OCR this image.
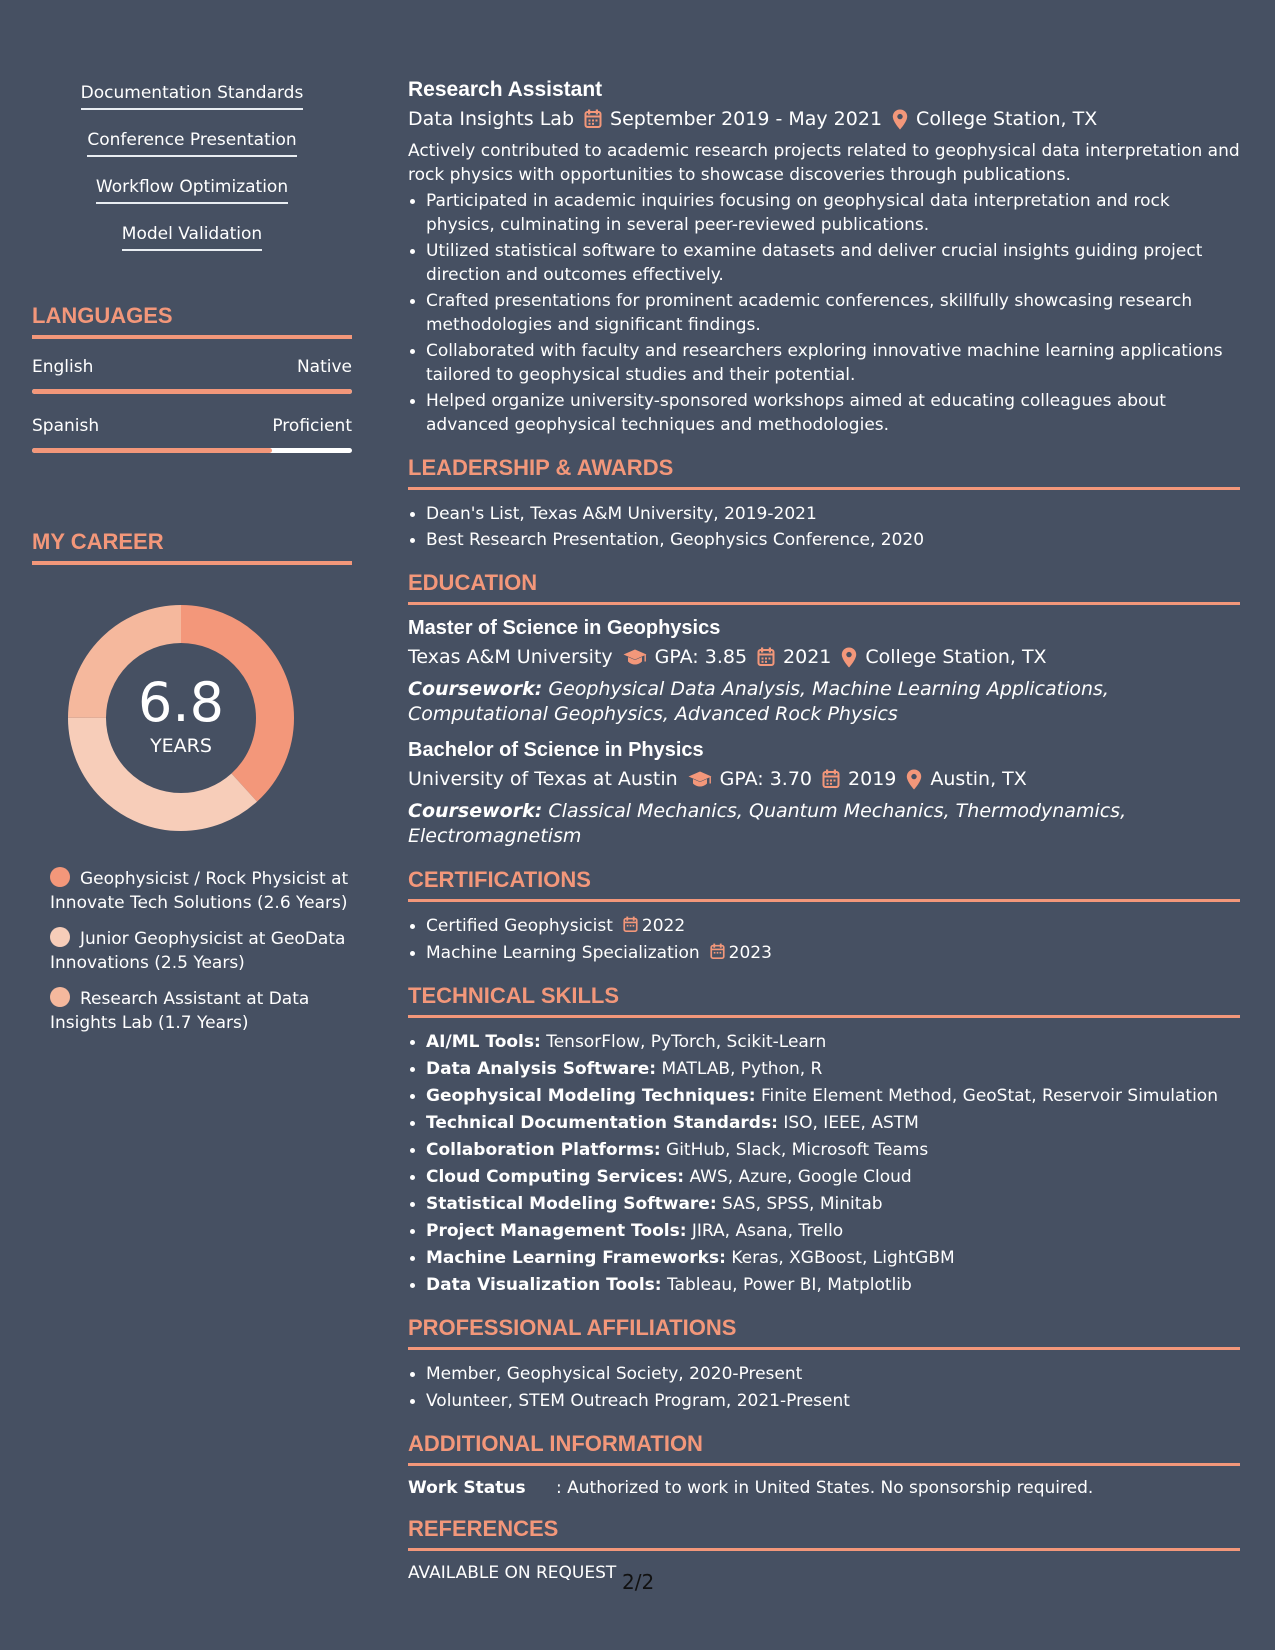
Documentation Standards
Conference Presentation
Workflow Optimization
Model Validation
LANGUAGES
English	Native
Spanish	Proficient
MY CAREER
6.8
YEARS
Geophysicist / Rock Physicist at Innovate Tech Solutions (2.6 Years)
Junior Geophysicist at GeoData Innovations (2.5 Years)
Research Assistant at Data Insights Lab (1.7 Years)
Research Assistant
Data Insights Lab September 2019 - May 2021 College Station, TX

Actively contributed to academic research projects related to geophysical data interpretation and rock physics with opportunities to showcase discoveries through publications.

Participated in academic inquiries focusing on geophysical data interpretation and rock physics, culminating in several peer-reviewed publications.
Utilized statistical software to examine datasets and deliver crucial insights guiding project direction and outcomes effectively.
Crafted presentations for prominent academic conferences, skillfully showcasing research methodologies and significant findings.
Collaborated with faculty and researchers exploring innovative machine learning applications tailored to geophysical studies and their potential.
Helped organize university-sponsored workshops aimed at educating colleagues about advanced geophysical techniques and methodologies.
LEADERSHIP & AWARDS
Dean's List, Texas A&M University, 2019-2021
Best Research Presentation, Geophysics Conference, 2020
EDUCATION
Master of Science in Geophysics
Texas A&M University GPA: 3.85 2021 College Station, TX

Coursework: Geophysical Data Analysis, Machine Learning Applications, Computational Geophysics, Advanced Rock Physics

Bachelor of Science in Physics
University of Texas at Austin GPA: 3.70 2019 Austin, TX

Coursework: Classical Mechanics, Quantum Mechanics, Thermodynamics, Electromagnetism

CERTIFICATIONS
Certified Geophysicist 2022
Machine Learning Specialization 2023
TECHNICAL SKILLS
AI/ML Tools: TensorFlow, PyTorch, Scikit-Learn
Data Analysis Software: MATLAB, Python, R
Geophysical Modeling Techniques: Finite Element Method, GeoStat, Reservoir Simulation
Technical Documentation Standards: ISO, IEEE, ASTM
Collaboration Platforms: GitHub, Slack, Microsoft Teams
Cloud Computing Services: AWS, Azure, Google Cloud
Statistical Modeling Software: SAS, SPSS, Minitab
Project Management Tools: JIRA, Asana, Trello
Machine Learning Frameworks: Keras, XGBoost, LightGBM
Data Visualization Tools: Tableau, Power BI, Matplotlib
PROFESSIONAL AFFILIATIONS
Member, Geophysical Society, 2020-Present
Volunteer, STEM Outreach Program, 2021-Present
ADDITIONAL INFORMATION
Work Status	: Authorized to work in United States. No sponsorship required.
REFERENCES
AVAILABLE ON REQUEST 2/2
